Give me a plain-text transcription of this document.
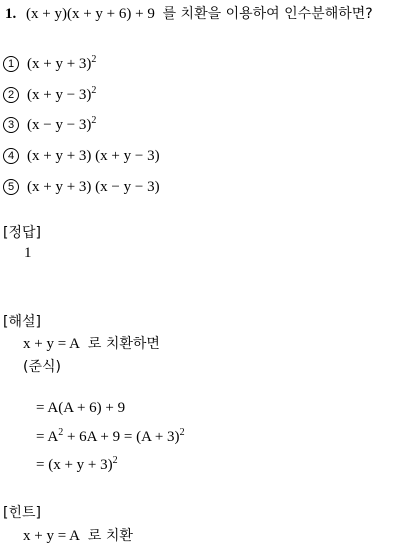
1. (x + y)(x + y + 6) + 9 를 치환을 이용하여 인수분해하면?
1 $(x + y + 3)^2$
2 $(x + y - 3)^2$
3 $(x - y - 3)^2$
4 (x + y + 3) (x + y − 3)
5 (x + y + 3) (x − y − 3)
[정답]
1
[해설]
x + y = A 로 치환하면
(준식)
= A(A + 6) + 9
= $A^2 + 6A + 9 = (A + 3)^2$
= $(x + y + 3)^2$
[힌트]
x + y = A 로 치환
